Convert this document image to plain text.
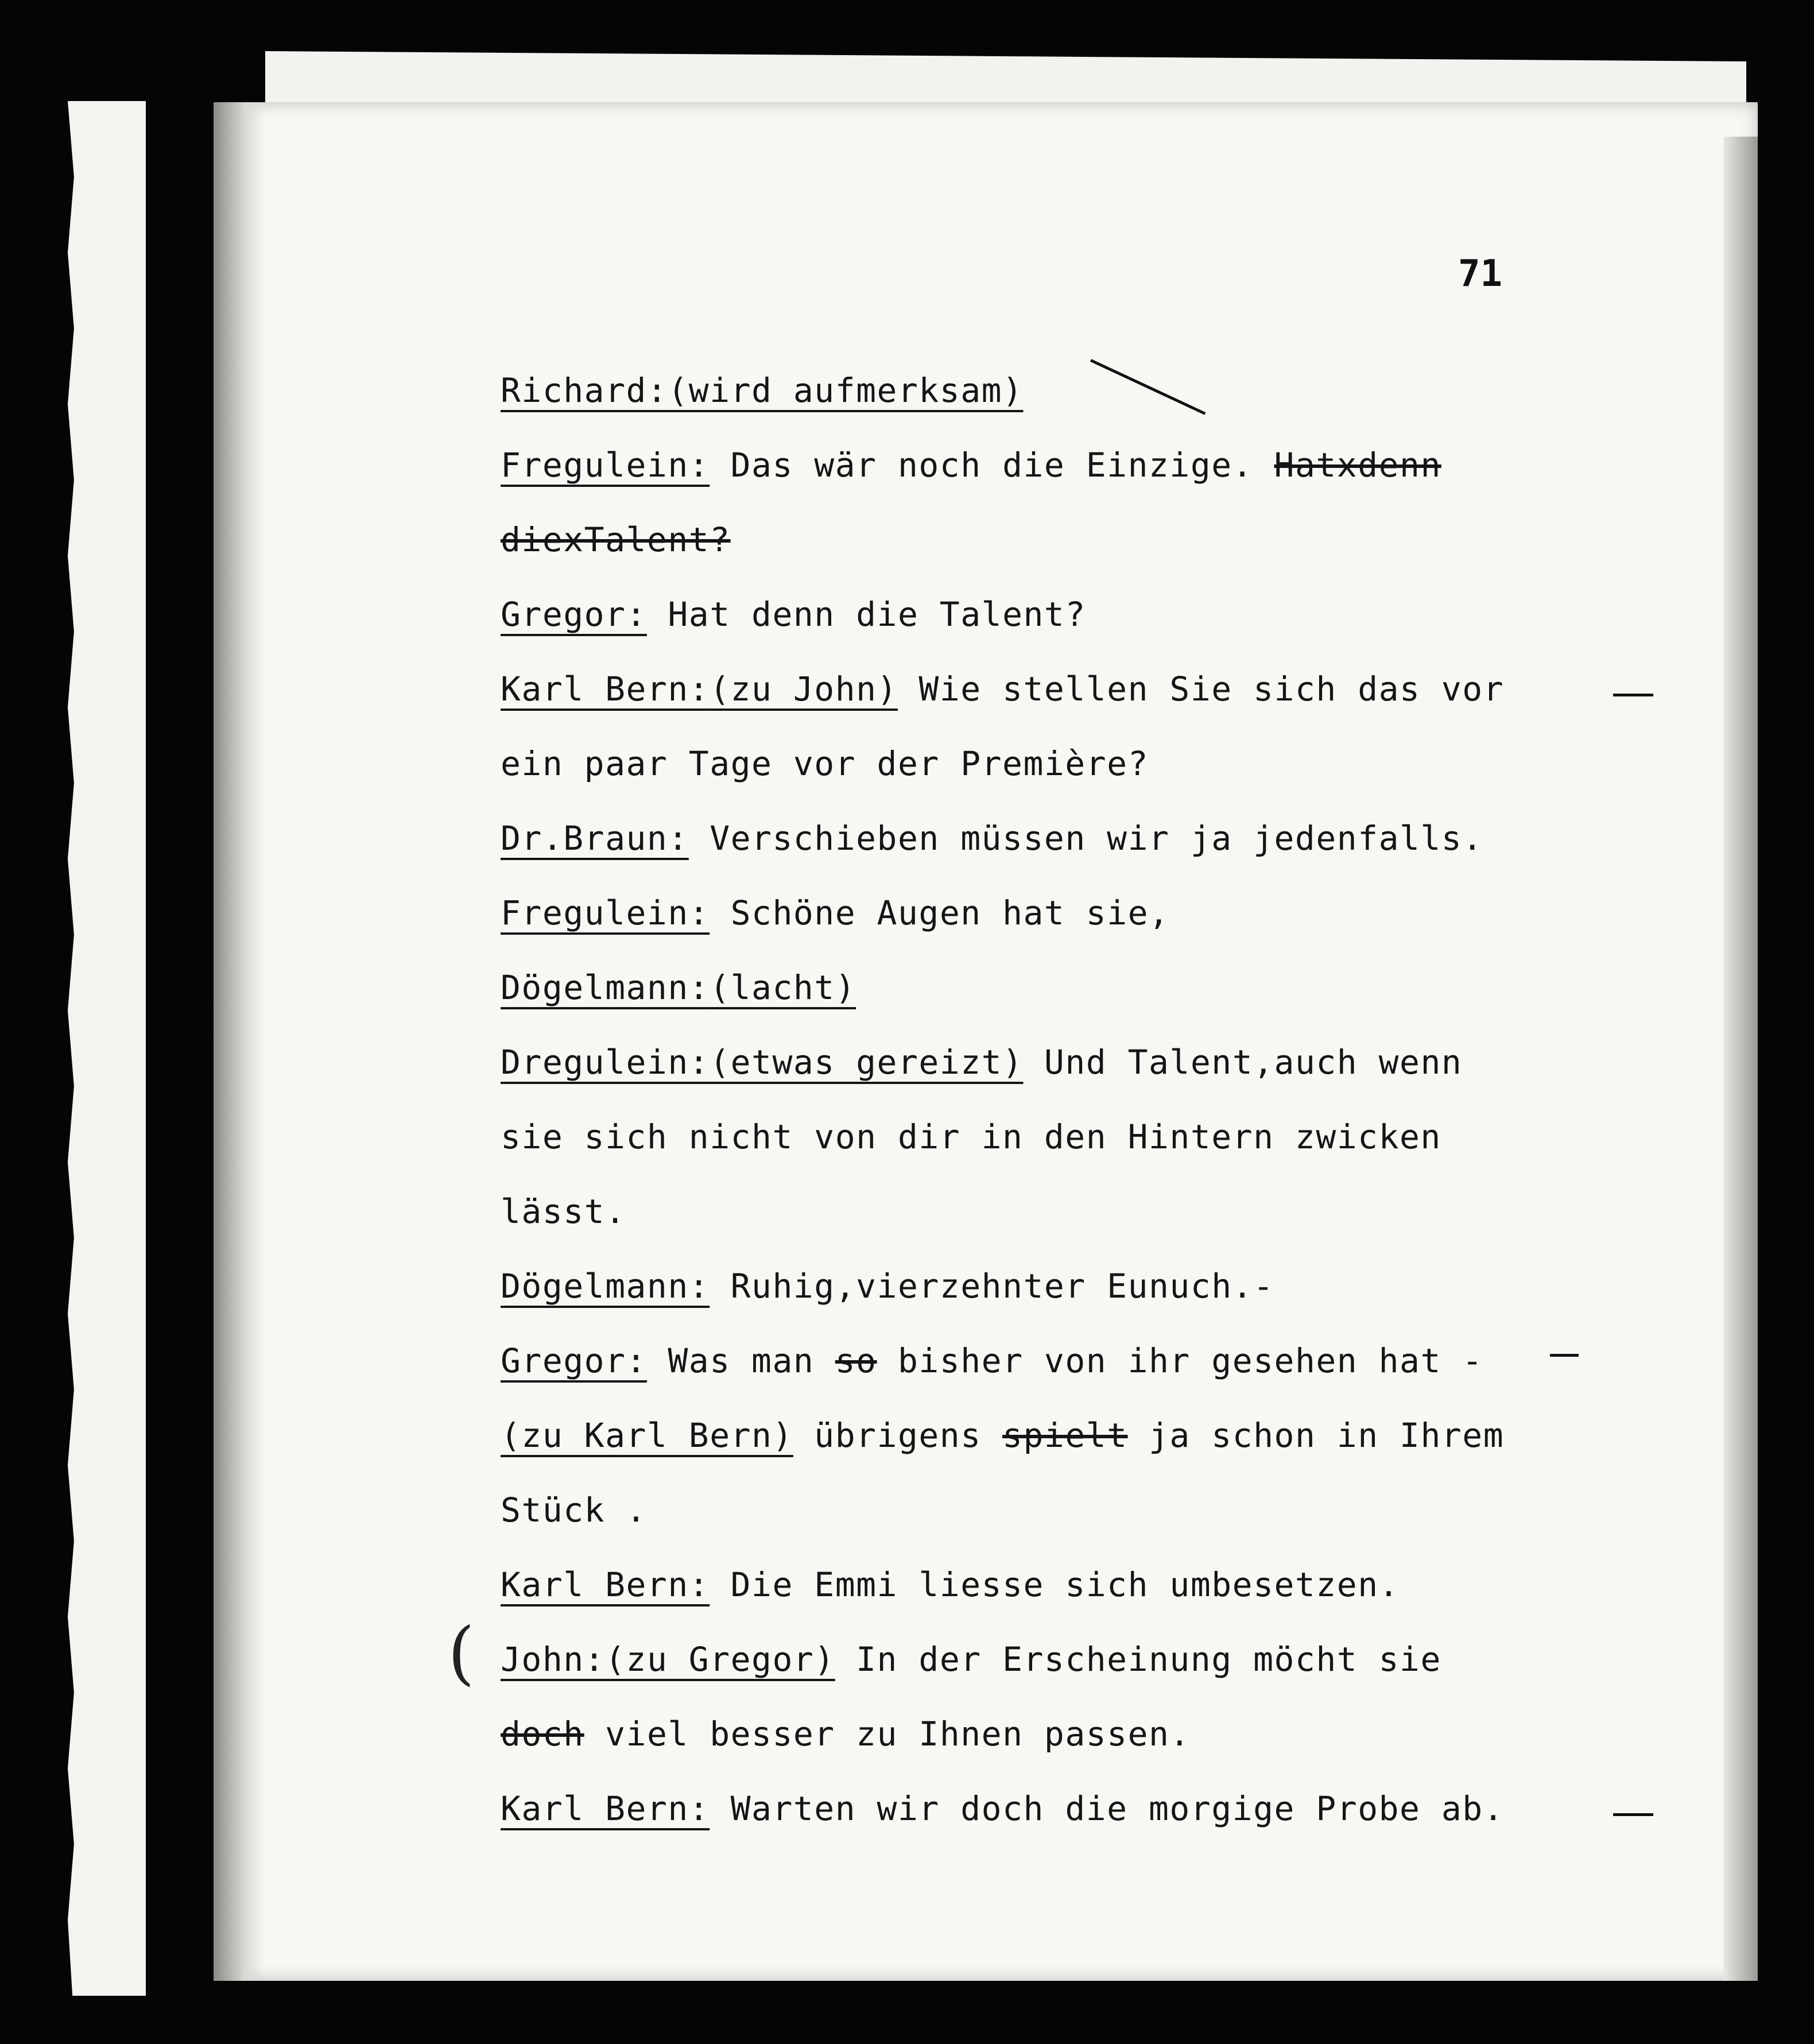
71
Richard:(wird aufmerksam)
Fregulein: Das wär noch die Einzige. Hatxdenn
diexTalent?
Gregor: Hat denn die Talent?
Karl Bern:(zu John) Wie stellen Sie sich das vor
ein paar Tage vor der Première?
Dr.Braun: Verschieben müssen wir ja jedenfalls.
Fregulein: Schöne Augen hat sie,
Dögelmann:(lacht)
Dregulein:(etwas gereizt) Und Talent,auch wenn
sie sich nicht von dir in den Hintern zwicken
lässt.
Dögelmann: Ruhig,vierzehnter Eunuch.-
Gregor: Was man so bisher von ihr gesehen hat -
(zu Karl Bern) übrigens spielt ja schon in Ihrem
Stück .
Karl Bern: Die Emmi liesse sich umbesetzen.
John:(zu Gregor) In der Erscheinung möcht sie
doch viel besser zu Ihnen passen.
Karl Bern: Warten wir doch die morgige Probe ab.
(
